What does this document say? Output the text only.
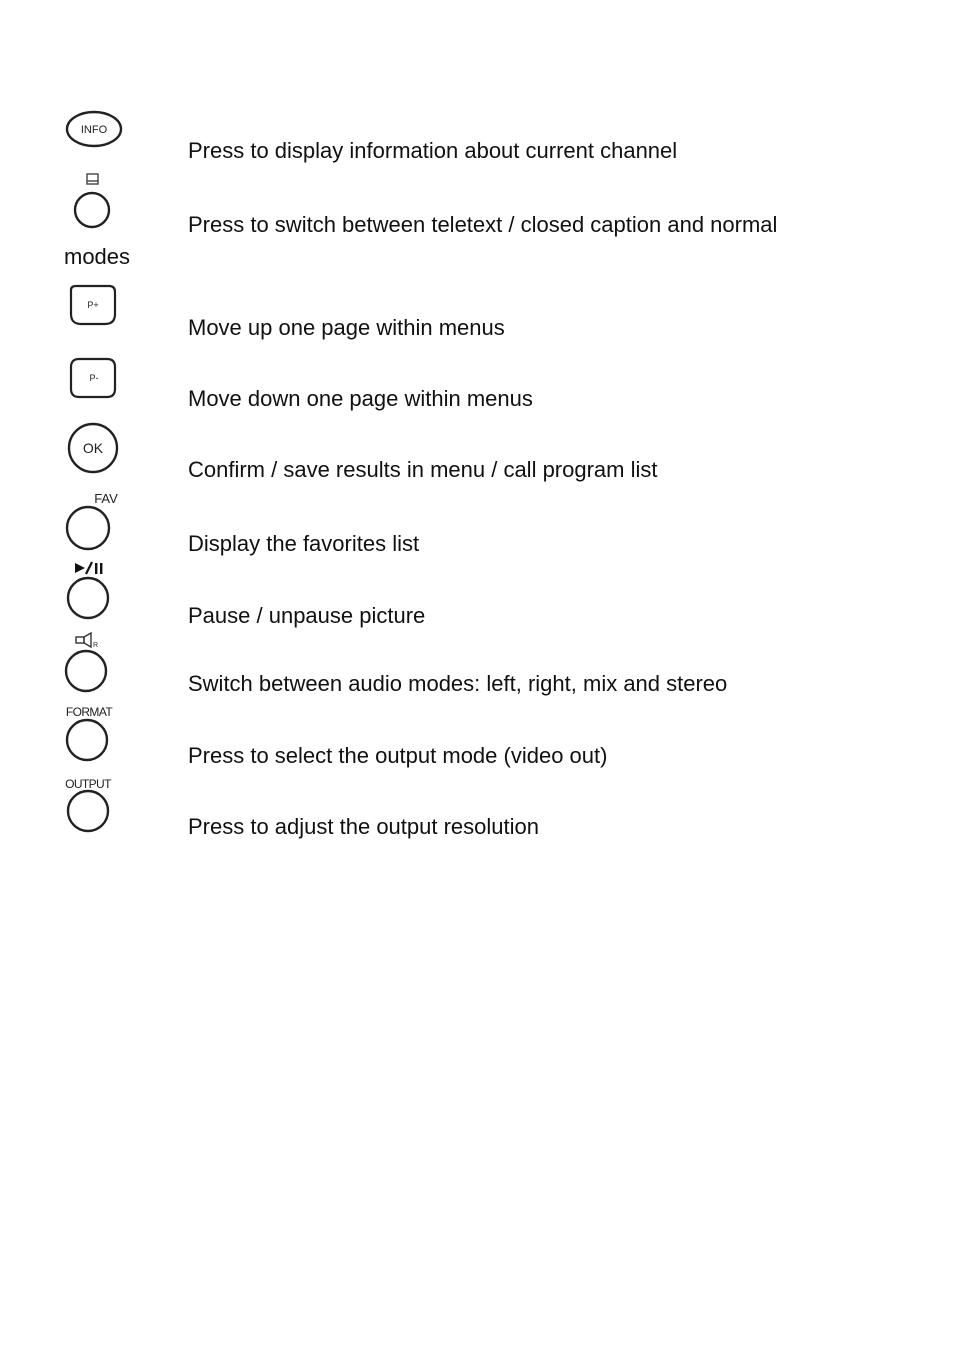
INFO
Press to display information about current channel
Press to switch between teletext / closed caption and normal
modes
P+
Move up one page within menus
P-
Move down one page within menus
OK
Confirm / save results in menu / call program list
FAV
Display the favorites list
Pause / unpause picture
R
Switch between audio modes: left, right, mix and stereo
FORMAT
Press to select the output mode (video out)
OUTPUT
Press to adjust the output resolution
